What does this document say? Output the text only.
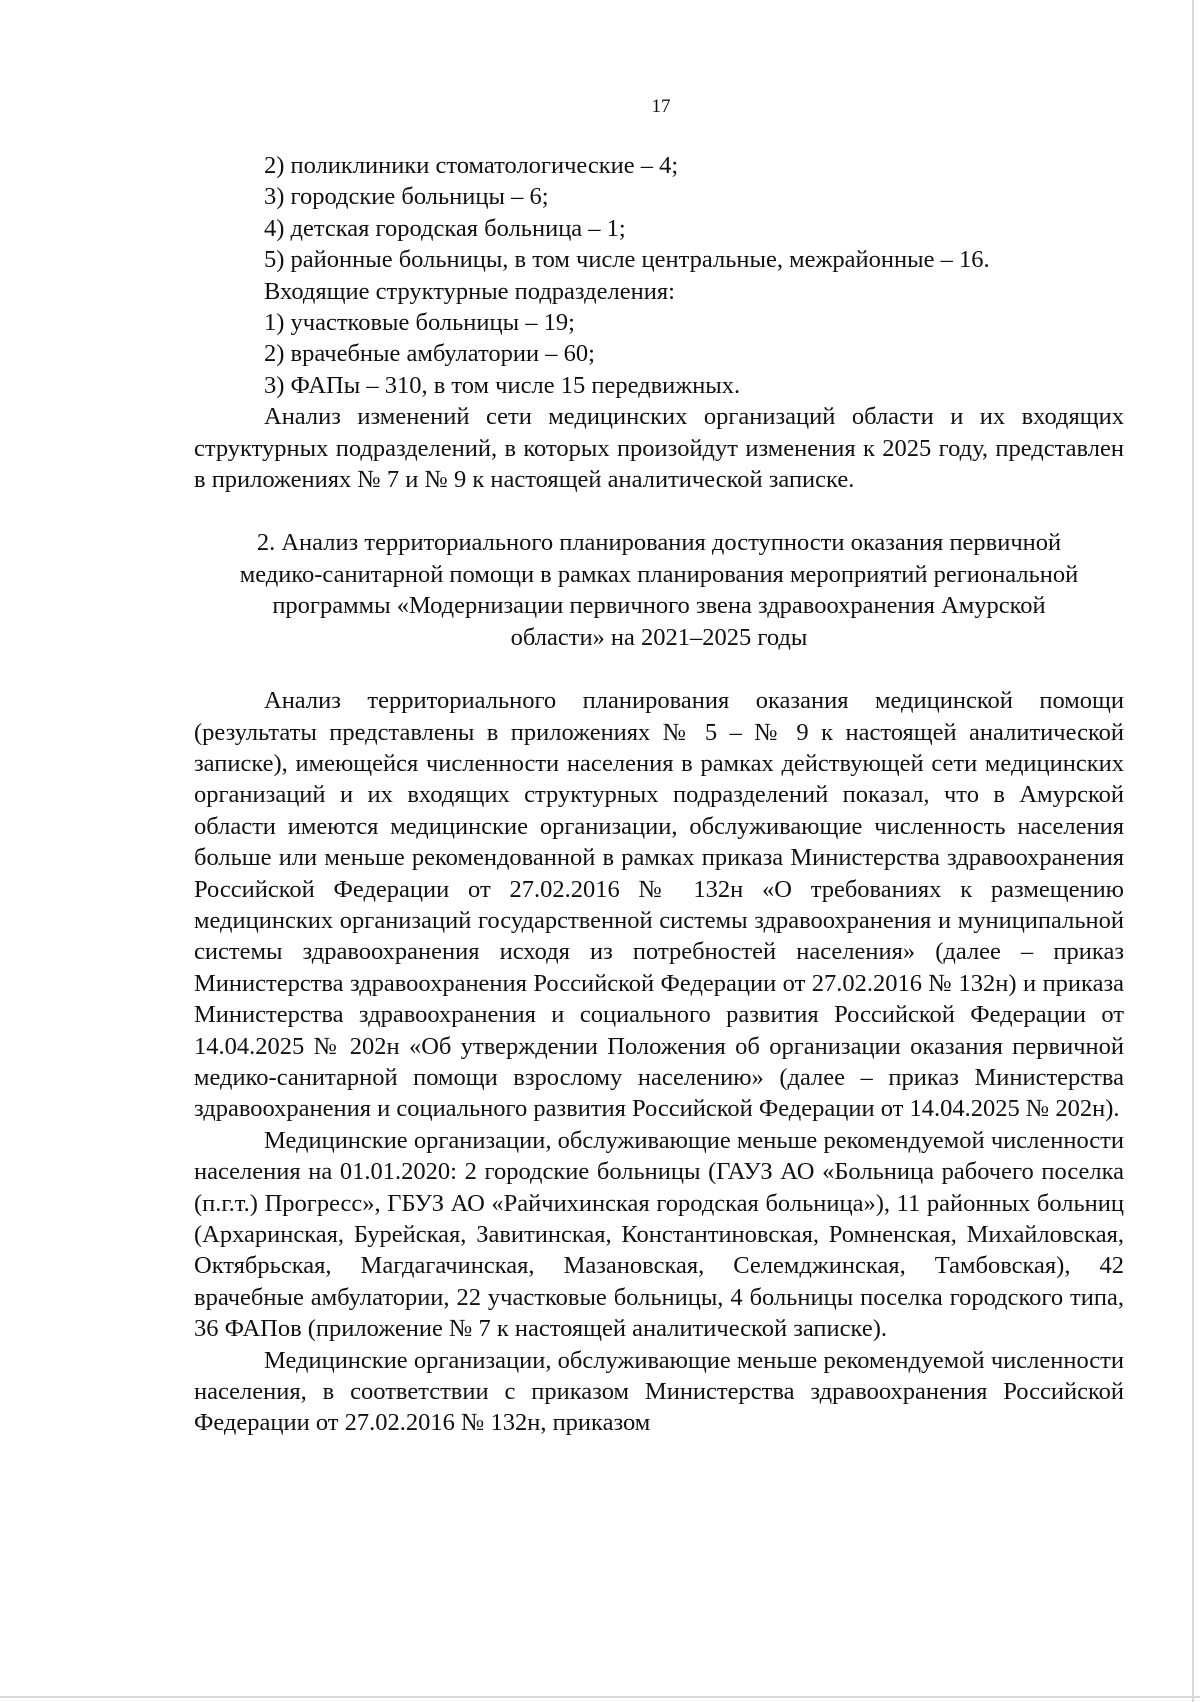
17

2) поликлиники стоматологические – 4;

3) городские больницы – 6;

4) детская городская больница – 1;

5) районные больницы, в том числе центральные, межрайонные – 16.

Входящие структурные подразделения:

1) участковые больницы – 19;

2) врачебные амбулатории – 60;

3) ФАПы – 310, в том числе 15 передвижных.

Анализ изменений сети медицинских организаций области и их входящих структурных подразделений, в которых произойдут изменения к 2025 году, представлен в приложениях № 7 и № 9 к настоящей аналитической записке.

2. Анализ территориального планирования доступности оказания первичной

медико-санитарной помощи в рамках планирования мероприятий региональной

программы «Модернизации первичного звена здравоохранения Амурской

области» на 2021–2025 годы

Анализ территориального планирования оказания медицинской помощи (результаты представлены в приложениях № 5 – № 9 к настоящей аналитической записке), имеющейся численности населения в рамках действующей сети медицинских организаций и их входящих структурных подразделений показал, что в Амурской области имеются медицинские организации, обслуживающие численность населения больше или меньше рекомендованной в рамках приказа Министерства здравоохранения Российской Федерации от 27.02.2016 № 132н «О требованиях к размещению медицинских организаций государственной системы здравоохранения и муниципальной системы здравоохранения исходя из потребностей населения» (далее – приказ Министерства здравоохранения Российской Федерации от 27.02.2016 № 132н) и приказа Министерства здравоохранения и социального развития Российской Федерации от 14.04.2025 № 202н «Об утверждении Положения об организации оказания первичной медико-санитарной помощи взрослому населению» (далее – приказ Министерства здравоохранения и социального развития Российской Федерации от 14.04.2025 № 202н).

Медицинские организации, обслуживающие меньше рекомендуемой численности населения на 01.01.2020: 2 городские больницы (ГАУЗ АО «Больница рабочего поселка (п.г.т.) Прогресс», ГБУЗ АО «Райчихинская городская больница»), 11 районных больниц (Архаринская, Бурейская, Завитинская, Константиновская, Ромненская, Михайловская, Октябрьская, Магдагачинская, Мазановская, Селемджинская, Тамбовская), 42 врачебные амбулатории, 22 участковые больницы, 4 больницы поселка городского типа, 36 ФАПов (приложение № 7 к настоящей аналитической записке).

Медицинские организации, обслуживающие меньше рекомендуемой численности населения, в соответствии с приказом Министерства здравоохранения Российской Федерации от 27.02.2016 № 132н, приказом
